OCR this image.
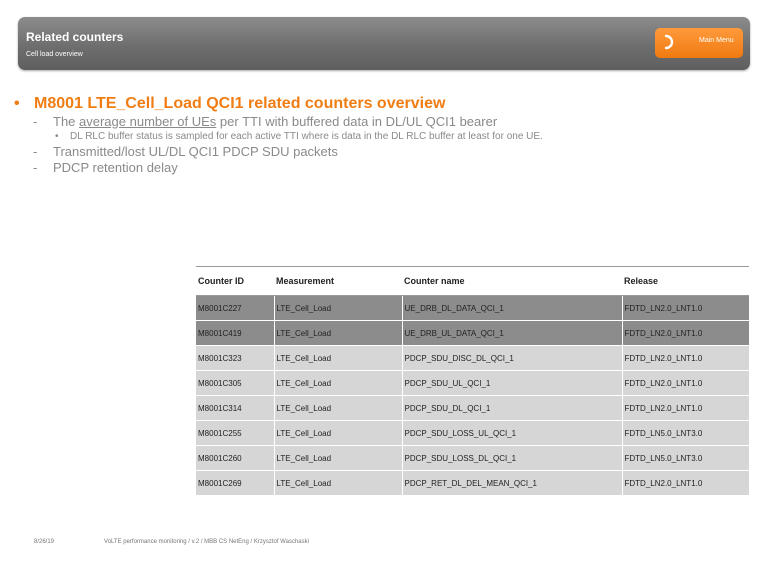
Related counters
Cell load overview
Main Menu
• M8001 LTE_Cell_Load QCI1 related counters overview
- The average number of UEs per TTI with buffered data in DL/UL QCI1 bearer
• DL RLC buffer status is sampled for each active TTI where is data in the DL RLC buffer at least for one UE.
- Transmitted/lost UL/DL QCI1 PDCP SDU packets
- PDCP retention delay
Counter ID	Measurement	Counter name	Release
M8001C227	LTE_Cell_Load	UE_DRB_DL_DATA_QCI_1	FDTD_LN2.0_LNT1.0
M8001C419	LTE_Cell_Load	UE_DRB_UL_DATA_QCI_1	FDTD_LN2.0_LNT1.0
M8001C323	LTE_Cell_Load	PDCP_SDU_DISC_DL_QCI_1	FDTD_LN2.0_LNT1.0
M8001C305	LTE_Cell_Load	PDCP_SDU_UL_QCI_1	FDTD_LN2.0_LNT1.0
M8001C314	LTE_Cell_Load	PDCP_SDU_DL_QCI_1	FDTD_LN2.0_LNT1.0
M8001C255	LTE_Cell_Load	PDCP_SDU_LOSS_UL_QCI_1	FDTD_LN5.0_LNT3.0
M8001C260	LTE_Cell_Load	PDCP_SDU_LOSS_DL_QCI_1	FDTD_LN5.0_LNT3.0
M8001C269	LTE_Cell_Load	PDCP_RET_DL_DEL_MEAN_QCI_1	FDTD_LN2.0_LNT1.0
8/26/19	VoLTE performance monitoring / v.2 / MBB CS NetEng / Krzysztof Waschaski
